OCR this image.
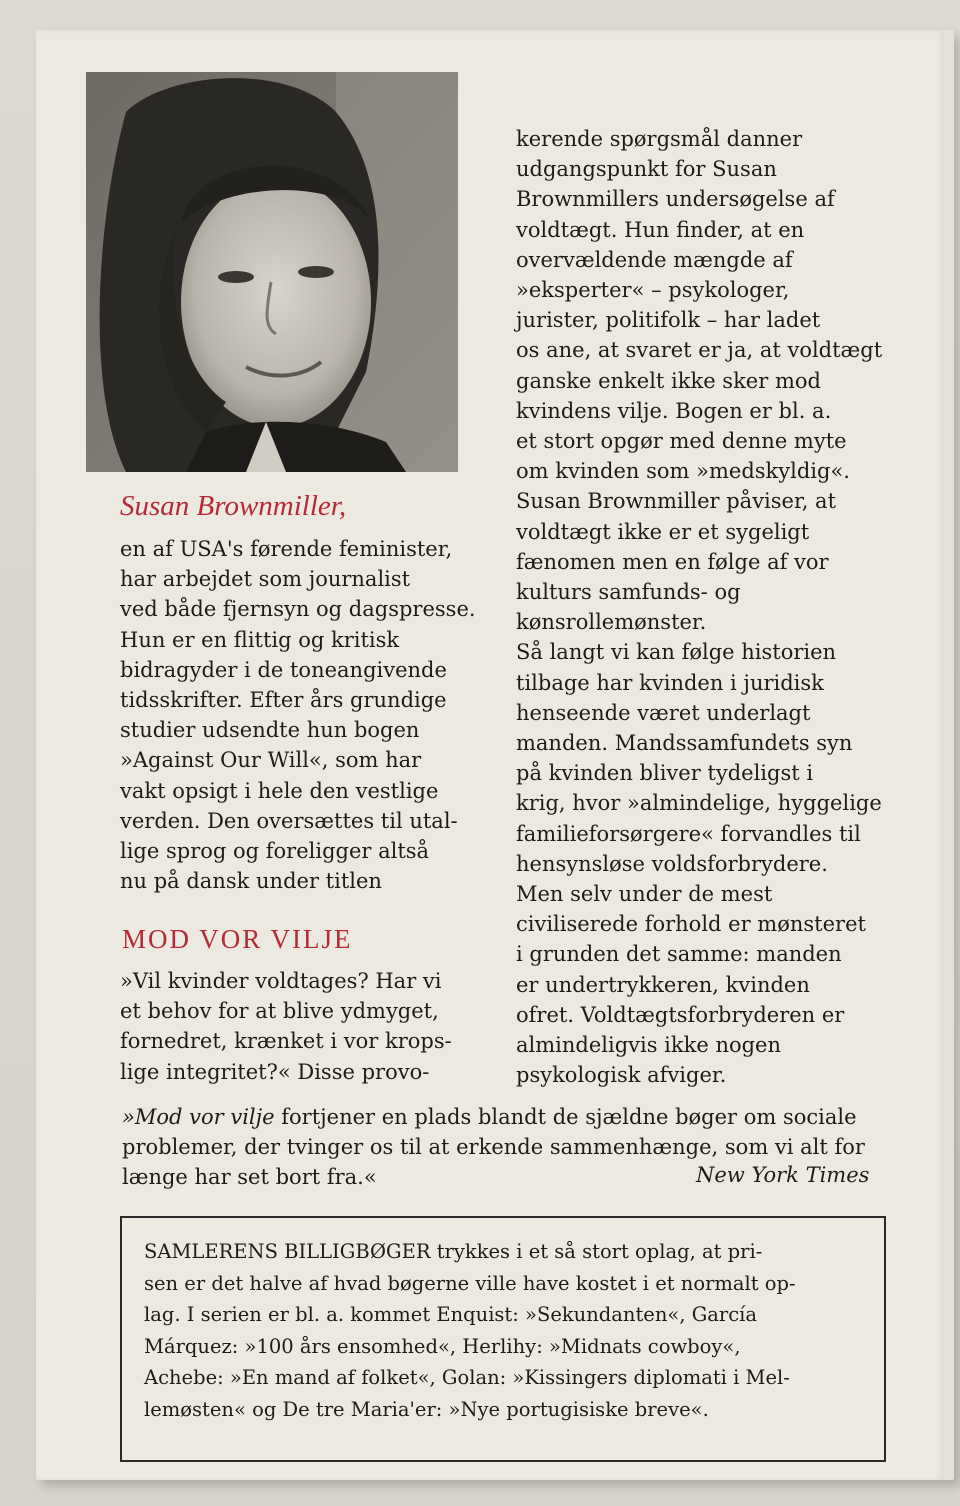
Susan Brownmiller,
en af USA's førende feminister,
har arbejdet som journalist
ved både fjernsyn og dagspresse.
Hun er en flittig og kritisk
bidragyder i de toneangivende
tidsskrifter. Efter års grundige
studier udsendte hun bogen
»Against Our Will«, som har
vakt opsigt i hele den vestlige
verden. Den oversættes til utal-
lige sprog og foreligger altså
nu på dansk under titlen
MOD VOR VILJE
»Vil kvinder voldtages? Har vi
et behov for at blive ydmyget,
fornedret, krænket i vor krops-
lige integritet?« Disse provo-
kerende spørgsmål danner
udgangspunkt for Susan
Brownmillers undersøgelse af
voldtægt. Hun finder, at en
overvældende mængde af
»eksperter« – psykologer,
jurister, politifolk – har ladet
os ane, at svaret er ja, at voldtægt
ganske enkelt ikke sker mod
kvindens vilje. Bogen er bl. a.
et stort opgør med denne myte
om kvinden som »medskyldig«.
Susan Brownmiller påviser, at
voldtægt ikke er et sygeligt
fænomen men en følge af vor
kulturs samfunds- og
kønsrollemønster.
Så langt vi kan følge historien
tilbage har kvinden i juridisk
henseende været underlagt
manden. Mandssamfundets syn
på kvinden bliver tydeligst i
krig, hvor »almindelige, hyggelige
familieforsørgere« forvandles til
hensynsløse voldsforbrydere.
Men selv under de mest
civiliserede forhold er mønsteret
i grunden det samme: manden
er undertrykkeren, kvinden
ofret. Voldtægtsforbryderen er
almindeligvis ikke nogen
psykologisk afviger.
»Mod vor vilje fortjener en plads blandt de sjældne bøger om sociale
problemer, der tvinger os til at erkende sammenhænge, som vi alt for
længe har set bort fra.«	New York Times
SAMLERENS BILLIGBØGER trykkes i et så stort oplag, at pri-
sen er det halve af hvad bøgerne ville have kostet i et normalt op-
lag. I serien er bl. a. kommet Enquist: »Sekundanten«, García
Márquez: »100 års ensomhed«, Herlihy: »Midnats cowboy«,
Achebe: »En mand af folket«, Golan: »Kissingers diplomati i Mel-
lemøsten« og De tre Maria'er: »Nye portugisiske breve«.
